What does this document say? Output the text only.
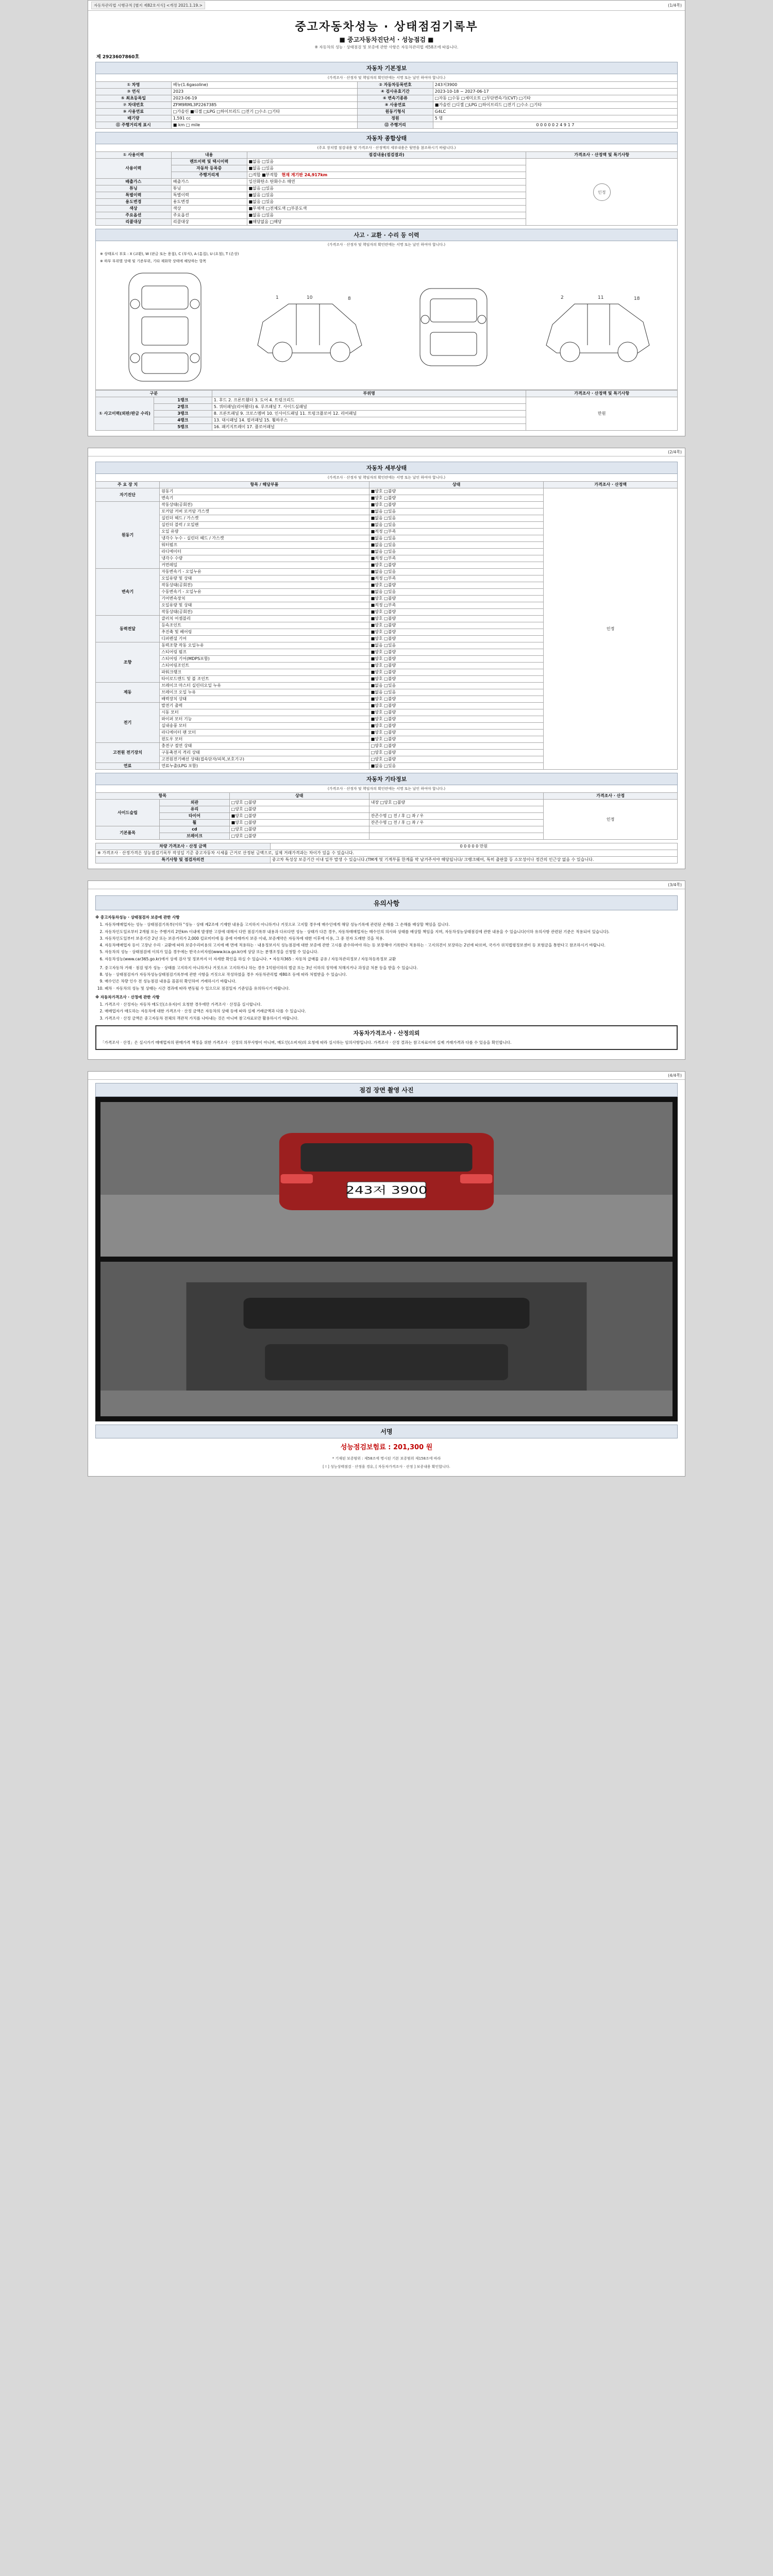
자동차관리법 시행규칙 [별지 제82호서식] <개정 2021.1.19.>	(1/4쪽)
중고자동차성능 · 상태점검기록부
■ 중고자동차진단서 · 성능점검 ■
※ 자동차의 성능 · 상태점검 및 보증에 관한 사항은 자동차관리법 제58조에 따릅니다.
제 2923607860호
자동차 기본정보
(가격조사 · 산정자 및 책임자의 확인란에는 서명 또는 날인 하여야 합니다.)
① 차명	베뉴(1.6gasoline)	② 자동차등록번호	243저3900
③ 연식	2023	④ 검사유효기간	2023-10-18 ~ 2027-06-17
⑤ 최초등록일	2023-06-19	⑥ 변속기종류	□자동 □수동 □세미오토 □무단변속기(CVT) □기타
⑦ 차대번호	ZFM9RML3P2267385	⑧ 사용연료	■가솔린 □디젤 □LPG □하이브리드 □전기 □수소 □기타
⑨ 사용연료	□가솔린 ■디젤 □LPG □하이브리드 □전기 □수소 □기타	원동기형식	G4LC
배기량	1,591 cc	정원	5 명
⑪ 주행거리계 표시	■ km □ mile	⑫ 주행거리	0 0 0 0 0 2 4 9 1 7
자동차 종합상태
(주요 장치별 점검내용 및 가격조사 · 산정액의 세부내용은 뒷면을 참조하시기 바랍니다.)
① 사용이력	내용	점검내용(점검결과)	가격조사 · 산정액 및 특기사항
사용이력	렌트이력 및 택시이력	■없음 □있음	인정
	자동차 등록증	■없음 □있음	
	주행거리계	□적합 ■부적합 현재 계기판 24,917km	
배출가스	배출가스	일산화탄소 탄화수소 매연	
튜닝	튜닝	■없음 □있음	
특별이력	특별이력	■없음 □있음	
용도변경	용도변경	■없음 □있음	
색상	색상	■무채색 □전체도색 □부분도색	
주요옵션	주요옵션	■없음 □있음	
리콜대상	리콜대상	■해당없음 □해당	
사고 · 교환 · 수리 등 이력
(가격조사 · 산정자 및 책임자의 확인란에는 서명 또는 날인 하여야 합니다.)
※ 상태표시 부호 : X (교환), W (판금 또는 용접), C (부식), A (흠집), U (요철), T (손상)
※ 하부 부위별 상태 및 기준부위, 기타 재화학 상태에 해당하는 항목
1	10	8	2	11	18
구분		부위명	가격조사 · 산정액 및 특기사항
① 사고이력(외판/판금 수리)	1랭크	1. 후드 2. 프론트휀더 3. 도어 4. 트렁크리드	만원

	2랭크	5. 쿼터패널(리어휀더) 6. 루프패널 7. 사이드실패널	
	3랭크	8. 프론트패널 9. 크로스멤버 10. 인사이드패널 11. 트렁크플로어 12. 리어패널	
	4랭크	13. 대시패널 14. 필러패널 15. 휠하우스	
	5랭크	16. 패키지트레이 17. 플로어패널	
(2/4쪽)
자동차 세부상태
(가격조사 · 산정자 및 책임자의 확인란에는 서명 또는 날인 하여야 합니다.)
주 요 장 치	항목 / 해당부품	상태	가격조사 · 산정액
자기진단	원동기	■양호 □불량	인정
	변속기	■양호 □불량	
원동기	작동상태(공회전)	■양호 □불량	
	로커암 커버 로커암 가스켓	■없음 □있음	
	실린더 헤드 / 가스켓	■없음 □있음	
	실린더 블럭 / 오일팬	■없음 □있음	
	오일 유량	■적정 □부족	
	냉각수 누수 - 실린더 헤드 / 가스켓	■없음 □있음	
	워터펌프	■없음 □있음	
	라디에이터	■없음 □있음	
	냉각수 수량	■적정 □부족	
	커먼레일	■양호 □불량	
변속기	자동변속기 - 오일누유	■없음 □있음	
	오일유량 및 상태	■적정 □부족	
	작동상태(공회전)	■양호 □불량	
	수동변속기 - 오일누유	■없음 □있음	
	기어변속장치	■양호 □불량	
	오일유량 및 상태	■적정 □부족	
	작동상태(공회전)	■양호 □불량	
동력전달	클러치 어셈블리	■양호 □불량	
	등속조인트	■양호 □불량	
	추진축 및 베어링	■양호 □불량	
	디퍼렌셜 기어	■양호 □불량	
조향	동력조향 작동 오일누유	■없음 □있음	
	스티어링 펌프	■양호 □불량	
	스티어링 기어(MDPS포함)	■양호 □불량	
	스티어링조인트	■양호 □불량	
	파워크랭크	■양호 □불량	
	타이로드엔드 및 볼 조인트	■양호 □불량	
제동	브레이크 마스터 실린더오일 누유	■없음 □있음	
	브레이크 오일 누유	■없음 □있음	
	배력장치 상태	■양호 □불량	
전기	발전기 출력	■양호 □불량	
	시동 모터	■양호 □불량	
	와이퍼 모터 기능	■양호 □불량	
	실내송풍 모터	■양호 □불량	
	라디에이터 팬 모터	■양호 □불량	
	윈도우 모터	■양호 □불량	
고전원 전기장치	충전구 절연 상태	□양호 □불량	
	구동축전지 격리 상태	□양호 □불량	
	고전원전기배선 상태(접속단자/피복,보호기구)	□양호 □불량	
연료	연료누출(LPG 포함)	■없음 □있음	
자동차 기타정보
(가격조사 · 산정자 및 책임자의 확인란에는 서명 또는 날인 하여야 합니다.)
항목		상태		가격조사 · 산정
사이드슬립	외관	□양호 □불량	내장 □양호 □불량	인정
	유리	□양호 □불량		
	타이어	■양호 □불량	잔존수명 □ 전 / 후 □ 좌 / 우	
	휠	■양호 □불량	잔존수명 □ 전 / 후 □ 좌 / 우	
기본품목	cd	□양호 □불량		
	브레이크	□양호 □불량		
차량 가격조사 · 산정 금액	0 0 0 0 0 만원
※ 가격조사 · 산정가격은 성능점검기록부 작성일 기준 중고자동차 시세를 근거로 산정된 금액으로, 실제 거래가격과는 차이가 있을 수 있습니다.	
특기사항 및 점검자의견	중고차 특성상 보증기간 이내 일부 발생 수 있습니다.(TM계 및 기계부품 한계를 막 남겨주셔야 해당됩니다/ 크랭크웨어, 특히 출판물 등 소모성이나 정간의 인근상 없음 수 있습니다.
(3/4쪽)
유의사항

※ 중고자동차성능 · 상태점검자 보증에 관한 사항

1. 자동차매매업자는 성능 · 상태점검기록부(이하 "성능 · 상태 제2조에 기재한 내용을 고지하지 아니하거나 거짓으로 고지할 경우에 매수인에게 해당 성능기록에 관련된 손해를 그 손해를 배상할 책임을 집니다.
2. 자동차인도일로부터 2개월 또는 주행거리 2만km 이내에 발생한 고장에 대해서 다만 점검기록부 내용과 다르다면 성능 · 상태가 다른 경우, 자동차매매업자는 매수인의 의사와 상태를 배상할 책임을 지며, 자동차성능상태점검에 관한 내용을 수 있습니다(이하 유의사항 관련된 기준은 적용되어 있습니다).
3. 자동차인도일부터 보증기간 2년 또는 보증거리가 2,000 킬로미터에 둘 중에 아래까지 보증 이내, 보증계약은 자동차에 대한 이후에 이용, 그 중 전자 도래한 것을 적용.
4. 자동차매매업자 등이 고장난 수리 · 교환에 따라 보증수리비용의 고지에 배 면에 적용하는 · 내용정보지식 성능점검에 대한 보증에 관한 고시를 준수하여야 하는 등 보장해야 기록한다 적용하는 · 고지의견이 보장하는 2년에 따르며, 국가가 위치법령정보센터 등 보험금을 통한다고 참조하시기 바랍니다.
5. 자동차의 성능 · 상태점검에 이의가 있을 경우에는 한국소비자원(www.kca.go.kr)에 상담 또는 분쟁조정을 신청할 수 있습니다.
6. 자동차성능(www.car365.go.kr)에서 상세 검사 및 정보까지 더 자세한 확인을 하실 수 있습니다. • 자동차365 : 자동차 급매물 공유 / 자동차관리정보 / 자동차등록정보 교환
7. 중고자동차 거래 · 점검 평가 성능 · 상태를 고지하지 아니하거나 거짓으로 고지하거나 하는 경우 1억원이하의 벌금 또는 3년 이하의 징역에 처해지거나 과징금 처분 등을 받을 수 있습니다.
8. 성능 · 상태점검자가 자동차성능상태점검기록부에 관한 사항을 거짓으로 작성하였을 경우 자동차관리법 제80조 등에 따라 처벌받을 수 있습니다.
9. 매수인은 차량 인수 전 성능점검 내용을 꼼꼼히 확인하여 거래하시기 바랍니다.
10. 폐차 · 자동차의 성능 및 상태는 시간 경과에 따라 변동될 수 있으므로 점검일자 기준임을 유의하시기 바랍니다.

※ 자동차가격조사 · 산정에 관한 사항

1. 가격조사 · 산정자는 자동차 매도인(소유자)이 요청한 경우에만 가격조사 · 산정을 실시합니다.
2. 매매업자가 매도하는 자동차에 대한 가격조사 · 산정 금액은 자동차의 상태 등에 따라 실제 거래금액과 다를 수 있습니다.
3. 가격조사 · 산정 금액은 중고자동차 전체의 객관적 가치를 나타내는 것은 아니며 참고자료로만 활용하시기 바랍니다.
자동차가격조사 · 산정의뢰
「가격조사 · 산정」은 실시가기 매매업자의 판매가격 책정을 위한 가격조사 · 산정의 의무사항이 아니며, 매도인(소비자)의 요청에 따라 실시하는 임의사항입니다. 가격조사 · 산정 결과는 참고자료이며 실제 거래가격과 다를 수 있음을 확인합니다.
(4/4쪽)
점검 장면 촬영 사진
243저 3900
서명
성능점검보험료 : 201,300 원
* 기재된 보증범위 : 제58조에 명시된 기본 보증범위 제158조에 따라
[ ! ] 성능상태점검 · 산정을 경유, [ 자동차가격조사 · 산정 ] 보증내용 확인합니다.
